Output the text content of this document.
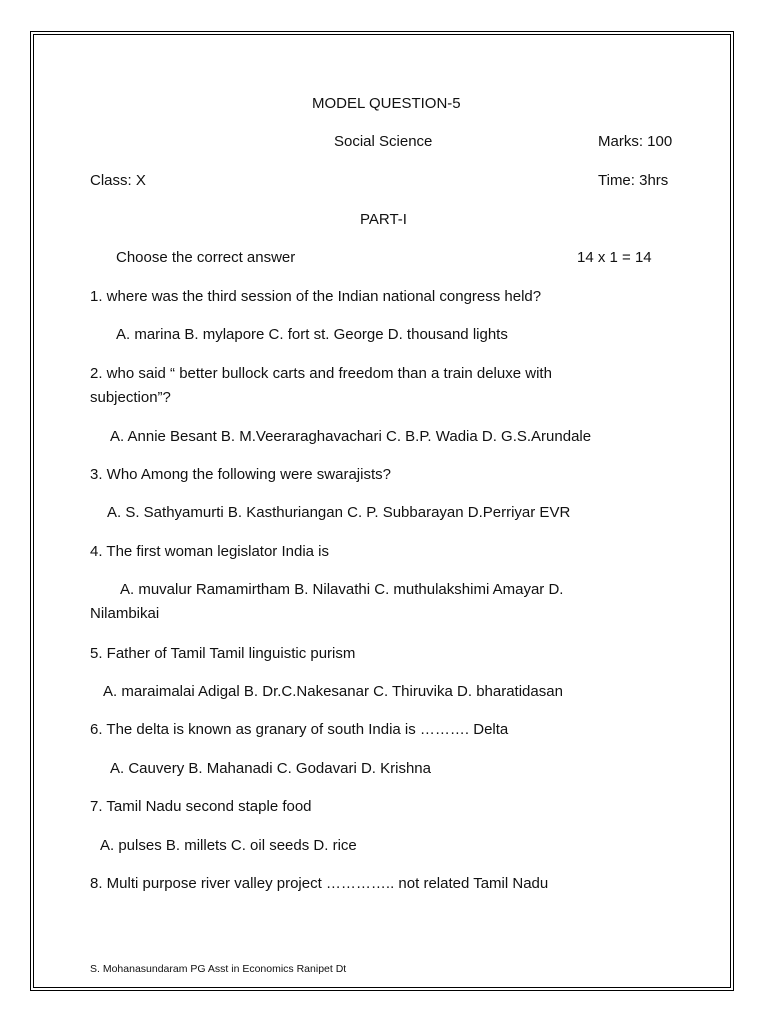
MODEL QUESTION-5
Social Science	Marks: 100
Class: X	Time: 3hrs
PART-I
Choose the correct answer	14 x 1 = 14
1. where was the third session of the Indian national congress held?
A. marina B. mylapore C. fort st. George D. thousand lights
2. who said “ better bullock carts and freedom than a train deluxe with subjection”?
A. Annie Besant B. M.Veeraraghavachari C. B.P. Wadia D. G.S.Arundale
3. Who Among the following were swarajists?
A. S. Sathyamurti B. Kasthuriangan C. P. Subbarayan D.Perriyar EVR
4. The first woman legislator India is
A. muvalur Ramamirtham B. Nilavathi C. muthulakshimi Amayar D. Nilambikai
5. Father of Tamil Tamil linguistic purism
A. maraimalai Adigal B. Dr.C.Nakesanar C. Thiruvika D. bharatidasan
6. The delta is known as granary of south India is ………. Delta
A. Cauvery B. Mahanadi C. Godavari D. Krishna
7. Tamil Nadu second staple food
A. pulses B. millets C. oil seeds D. rice
8. Multi purpose river valley project ………….. not related Tamil Nadu
S. Mohanasundaram PG Asst in Economics Ranipet Dt
